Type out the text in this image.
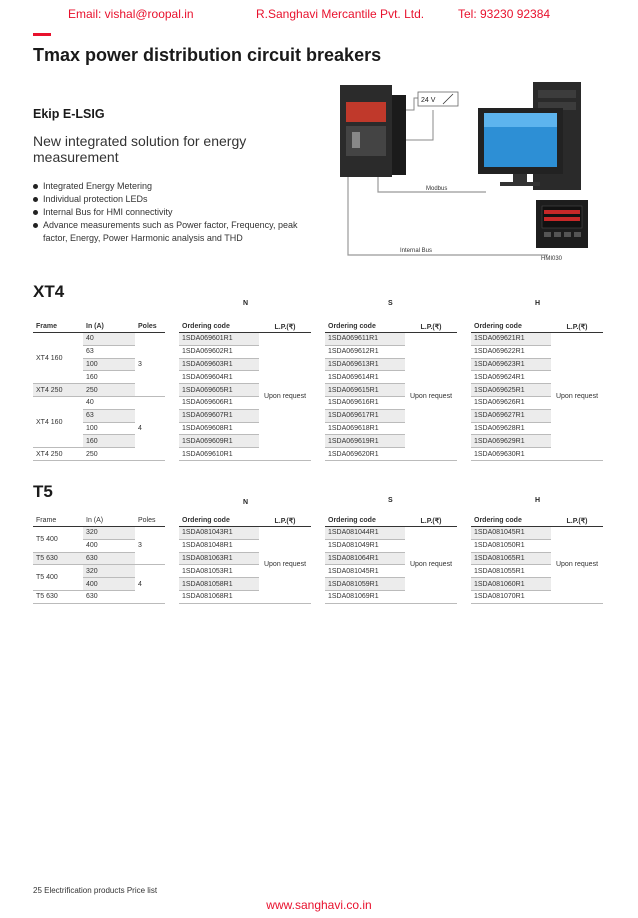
Email: vishal@roopal.in	R.Sanghavi Mercantile Pvt. Ltd.	Tel: 93230 92384
Tmax power distribution circuit breakers
Ekip E-LSIG
New integrated solution for energy measurement
Integrated Energy Metering
Individual protection LEDs
Internal Bus for HMI connectivity
Advance measurements such as Power factor, Frequency, peak factor, Energy, Power Harmonic analysis and THD
24 V
Modbus
Internal Bus
HMI030
XT4
N	S	H
Frame	In (A)	Poles
XT4 160	40	3
	63	
	100	
	160	
XT4 250	250	
XT4 160	40	4
	63	
	100	
	160	
XT4 250	250	
Ordering code	L.P.(₹)
1SDA069601R1	Upon request
1SDA069602R1	
1SDA069603R1	
1SDA069604R1	
1SDA069605R1	
1SDA069606R1	
1SDA069607R1	
1SDA069608R1	
1SDA069609R1	
1SDA069610R1	
Ordering code	L.P.(₹)
1SDA069611R1	Upon request
1SDA069612R1	
1SDA069613R1	
1SDA069614R1	
1SDA069615R1	
1SDA069616R1	
1SDA069617R1	
1SDA069618R1	
1SDA069619R1	
1SDA069620R1	
Ordering code	L.P.(₹)
1SDA069621R1	Upon request
1SDA069622R1	
1SDA069623R1	
1SDA069624R1	
1SDA069625R1	
1SDA069626R1	
1SDA069627R1	
1SDA069628R1	
1SDA069629R1	
1SDA069630R1	
T5
N	S	H
Frame	In (A)	Poles
T5 400	320	3
	400	
T5 630	630	
T5 400	320	4
	400	
T5 630	630	
Ordering code	L.P.(₹)
1SDA081043R1	Upon request
1SDA081048R1	
1SDA081063R1	
1SDA081053R1	
1SDA081058R1	
1SDA081068R1	
Ordering code	L.P.(₹)
1SDA081044R1	Upon request
1SDA081049R1	
1SDA081064R1	
1SDA081045R1	
1SDA081059R1	
1SDA081069R1	
Ordering code	L.P.(₹)
1SDA081045R1	Upon request
1SDA081050R1	
1SDA081065R1	
1SDA081055R1	
1SDA081060R1	
1SDA081070R1	
25 Electrification products Price list
www.sanghavi.co.in
